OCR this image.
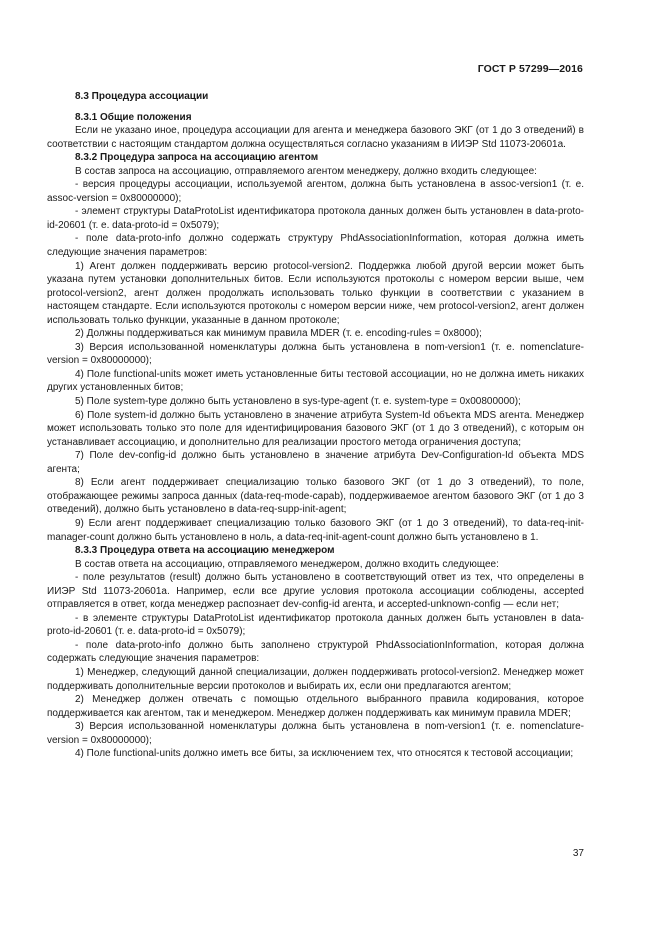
ГОСТ Р 57299—2016

8.3 Процедура ассоциации

8.3.1 Общие положения

Если не указано иное, процедура ассоциации для агента и менеджера базового ЭКГ (от 1 до 3 отведений) в соответствии с настоящим стандартом должна осуществляться согласно указаниям в ИИЭР Std 11073-20601a.

8.3.2 Процедура запроса на ассоциацию агентом

В состав запроса на ассоциацию, отправляемого агентом менеджеру, должно входить следующее:

- версия процедуры ассоциации, используемой агентом, должна быть установлена в assoc-version1 (т. е. assoc-version = 0x80000000);

- элемент структуры DataProtoList идентификатора протокола данных должен быть установлен в data-proto-id-20601 (т. е. data-proto-id = 0x5079);

- поле data-proto-info должно содержать структуру PhdAssociationInformation, которая должна иметь следующие значения параметров:

1) Агент должен поддерживать версию protocol-version2. Поддержка любой другой версии может быть указана путем установки дополнительных битов. Если используются протоколы с номером версии выше, чем protocol-version2, агент должен продолжать использовать только функции в соответствии с указанием в настоящем стандарте. Если используются протоколы с номером версии ниже, чем protocol-version2, агент должен использовать только функции, указанные в данном протоколе;

2) Должны поддерживаться как минимум правила MDER (т. е. encoding-rules = 0x8000);

3) Версия использованной номенклатуры должна быть установлена в nom-version1 (т. е. nomenclature-version = 0x80000000);

4) Поле functional-units может иметь установленные биты тестовой ассоциации, но не должна иметь никаких других установленных битов;

5) Поле system-type должно быть установлено в sys-type-agent (т. е. system-type = 0x00800000);

6) Поле system-id должно быть установлено в значение атрибута System-Id объекта MDS агента. Менеджер может использовать только это поле для идентифицирования базового ЭКГ (от 1 до 3 отведений), с которым он устанавливает ассоциацию, и дополнительно для реализации простого метода ограничения доступа;

7) Поле dev-config-id должно быть установлено в значение атрибута Dev-Configuration-Id объекта MDS агента;

8) Если агент поддерживает специализацию только базового ЭКГ (от 1 до 3 отведений), то поле, отображающее режимы запроса данных (data-req-mode-capab), поддерживаемое агентом базового ЭКГ (от 1 до 3 отведений), должно быть установлено в data-req-supp-init-agent;

9) Если агент поддерживает специализацию только базового ЭКГ (от 1 до 3 отведений), то data-req-init-manager-count должно быть установлено в ноль, а data-req-init-agent-count должно быть установлено в 1.

8.3.3 Процедура ответа на ассоциацию менеджером

В состав ответа на ассоциацию, отправляемого менеджером, должно входить следующее:

- поле результатов (result) должно быть установлено в соответствующий ответ из тех, что определены в ИИЭР Std 11073-20601a. Например, если все другие условия протокола ассоциации соблюдены, accepted отправляется в ответ, когда менеджер распознает dev-config-id агента, и accepted-unknown-config — если нет;

- в элементе структуры DataProtoList идентификатор протокола данных должен быть установлен в data-proto-id-20601 (т. е. data-proto-id = 0x5079);

- поле data-proto-info должно быть заполнено структурой PhdAssociationInformation, которая должна содержать следующие значения параметров:

1) Менеджер, следующий данной специализации, должен поддерживать protocol-version2. Менеджер может поддерживать дополнительные версии протоколов и выбирать их, если они предлагаются агентом;

2) Менеджер должен отвечать с помощью отдельного выбранного правила кодирования, которое поддерживается как агентом, так и менеджером. Менеджер должен поддерживать как минимум правила MDER;

3) Версия использованной номенклатуры должна быть установлена в nom-version1 (т. е. nomenclature-version = 0x80000000);

4) Поле functional-units должно иметь все биты, за исключением тех, что относятся к тестовой ассоциации;

37
